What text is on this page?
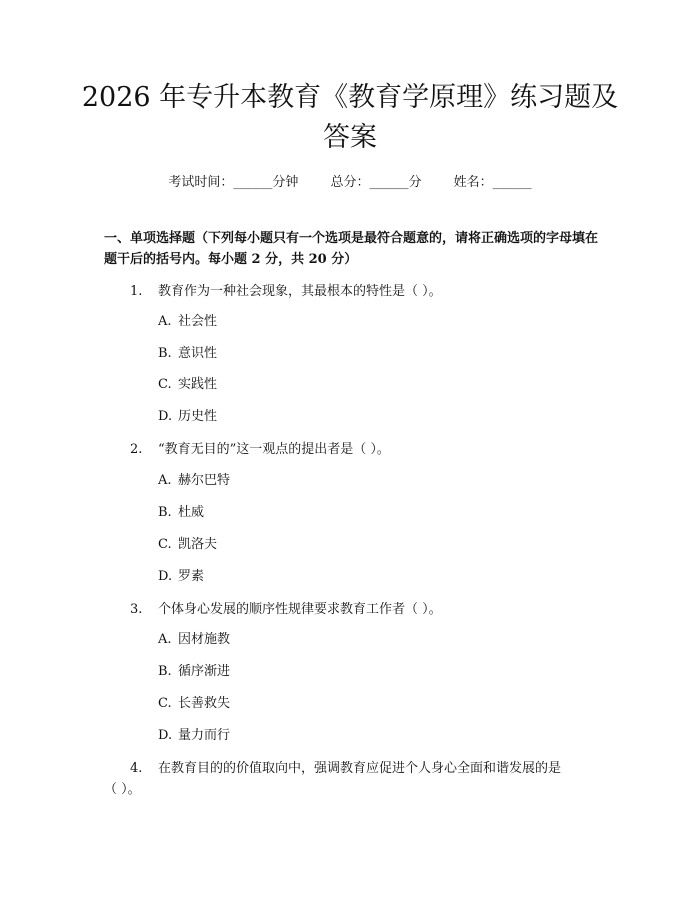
2026 年专升本教育《教育学原理》练习题及
答案
考试时间：______分钟 总分：______分 姓名：______
一、单项选择题（下列每小题只有一个选项是最符合题意的，请将正确选项的字母填在题干后的括号内。每小题 2 分，共 20 分）
1. 教育作为一种社会现象，其最根本的特性是（ ）。
A. 社会性
B. 意识性
C. 实践性
D. 历史性
2. “教育无目的”这一观点的提出者是（ ）。
A. 赫尔巴特
B. 杜威
C. 凯洛夫
D. 罗素
3. 个体身心发展的顺序性规律要求教育工作者（ ）。
A. 因材施教
B. 循序渐进
C. 长善救失
D. 量力而行
4. 在教育目的的价值取向中，强调教育应促进个人身心全面和谐发展的是
（ ）。
